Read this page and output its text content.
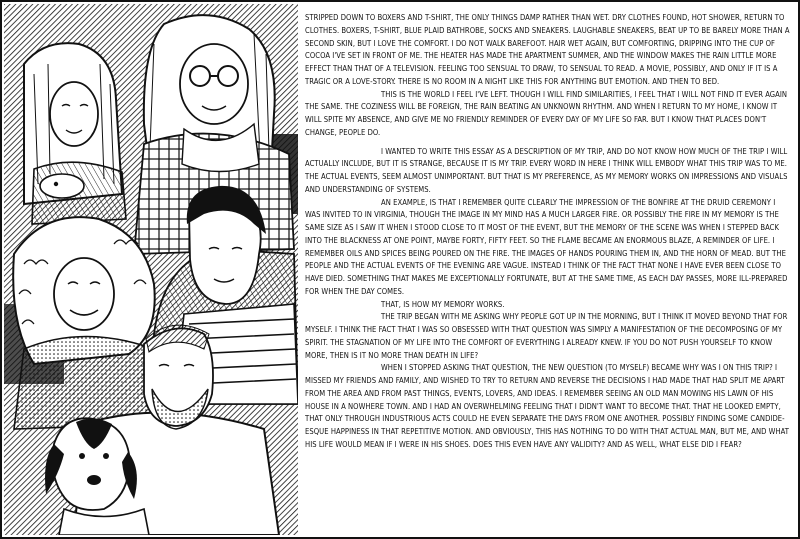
STRIPPED DOWN TO BOXERS AND T-SHIRT, THE ONLY THINGS DAMP RATHER THAN WET. DRY CLOTHES FOUND, HOT SHOWER, RETURN TO CLOTHES. BOXERS, T-SHIRT, BLUE PLAID BATHROBE, SOCKS AND SNEAKERS. LAUGHABLE SNEAKERS, BEAT UP TO BE BARELY MORE THAN A SECOND SKIN, BUT I LOVE THE COMFORT. I DO NOT WALK BAREFOOT. HAIR WET AGAIN, BUT COMFORTING, DRIPPING INTO THE CUP OF COCOA I'VE SET IN FRONT OF ME. THE HEATER HAS MADE THE APARTMENT SUMMER, AND THE WINDOW MAKES THE RAIN LITTLE MORE EFFECT THAN THAT OF A TELEVISION. FEELING TOO SENSUAL TO DRAW, TO SENSUAL TO READ. A MOVIE, POSSIBLY, AND ONLY IF IT IS A TRAGIC OR A LOVE-STORY. THERE IS NO ROOM IN A NIGHT LIKE THIS FOR ANYTHING BUT EMOTION. AND THEN TO BED.

THIS IS THE WORLD I FEEL I'VE LEFT. THOUGH I WILL FIND SIMILARITIES, I FEEL THAT I WILL NOT FIND IT EVER AGAIN THE SAME. THE COZINESS WILL BE FOREIGN, THE RAIN BEATING AN UNKNOWN RHYTHM. AND WHEN I RETURN TO MY HOME, I KNOW IT WILL SPITE MY ABSENCE, AND GIVE ME NO FRIENDLY REMINDER OF EVERY DAY OF MY LIFE SO FAR. BUT I KNOW THAT PLACES DON'T CHANGE, PEOPLE DO.

I WANTED TO WRITE THIS ESSAY AS A DESCRIPTION OF MY TRIP, AND DO NOT KNOW HOW MUCH OF THE TRIP I WILL ACTUALLY INCLUDE, BUT IT IS STRANGE, BECAUSE IT IS MY TRIP. EVERY WORD IN HERE I THINK WILL EMBODY WHAT THIS TRIP WAS TO ME. THE ACTUAL EVENTS, SEEM ALMOST UNIMPORTANT. BUT THAT IS MY PREFERENCE, AS MY MEMORY WORKS ON IMPRESSIONS AND VISUALS AND UNDERSTANDING OF SYSTEMS.

AN EXAMPLE, IS THAT I REMEMBER QUITE CLEARLY THE IMPRESSION OF THE BONFIRE AT THE DRUID CEREMONY I WAS INVITED TO IN VIRGINIA, THOUGH THE IMAGE IN MY MIND HAS A MUCH LARGER FIRE. OR POSSIBLY THE FIRE IN MY MEMORY IS THE SAME SIZE AS I SAW IT WHEN I STOOD CLOSE TO IT MOST OF THE EVENT, BUT THE MEMORY OF THE SCENE WAS WHEN I STEPPED BACK INTO THE BLACKNESS AT ONE POINT, MAYBE FORTY, FIFTY FEET. SO THE FLAME BECAME AN ENORMOUS BLAZE, A REMINDER OF LIFE. I REMEMBER OILS AND SPICES BEING POURED ON THE FIRE. THE IMAGES OF HANDS POURING THEM IN, AND THE HORN OF MEAD. BUT THE PEOPLE AND THE ACTUAL EVENTS OF THE EVENING ARE VAGUE. INSTEAD I THINK OF THE FACT THAT NONE I HAVE EVER BEEN CLOSE TO HAVE DIED. SOMETHING THAT MAKES ME EXCEPTIONALLY FORTUNATE, BUT AT THE SAME TIME, AS EACH DAY PASSES, MORE ILL-PREPARED FOR WHEN THE DAY COMES.

THAT, IS HOW MY MEMORY WORKS.

THE TRIP BEGAN WITH ME ASKING WHY PEOPLE GOT UP IN THE MORNING, BUT I THINK IT MOVED BEYOND THAT FOR MYSELF. I THINK THE FACT THAT I WAS SO OBSESSED WITH THAT QUESTION WAS SIMPLY A MANIFESTATION OF THE DECOMPOSING OF MY SPIRIT. THE STAGNATION OF MY LIFE INTO THE COMFORT OF EVERYTHING I ALREADY KNEW. IF YOU DO NOT PUSH YOURSELF TO KNOW MORE, THEN IS IT NO MORE THAN DEATH IN LIFE?

WHEN I STOPPED ASKING THAT QUESTION, THE NEW QUESTION (TO MYSELF) BECAME WHY WAS I ON THIS TRIP? I MISSED MY FRIENDS AND FAMILY, AND WISHED TO TRY TO RETURN AND REVERSE THE DECISIONS I HAD MADE THAT HAD SPLIT ME APART FROM THE AREA AND FROM PAST THINGS, EVENTS, LOVERS, AND IDEAS. I REMEMBER SEEING AN OLD MAN MOWING HIS LAWN OF HIS HOUSE IN A NOWHERE TOWN. AND I HAD AN OVERWHELMING FEELING THAT I DIDN'T WANT TO BECOME THAT. THAT HE LOOKED EMPTY, THAT ONLY THROUGH INDUSTRIOUS ACTS COULD HE EVEN SEPARATE THE DAYS FROM ONE ANOTHER. POSSIBLY FINDING SOME CANDIDE-ESQUE HAPPINESS IN THAT REPETITIVE MOTION. AND OBVIOUSLY, THIS HAS NOTHING TO DO WITH THAT ACTUAL MAN, BUT ME, AND WHAT HIS LIFE WOULD MEAN IF I WERE IN HIS SHOES. DOES THIS EVEN HAVE ANY VALIDITY? AND AS WELL, WHAT ELSE DID I FEAR?
